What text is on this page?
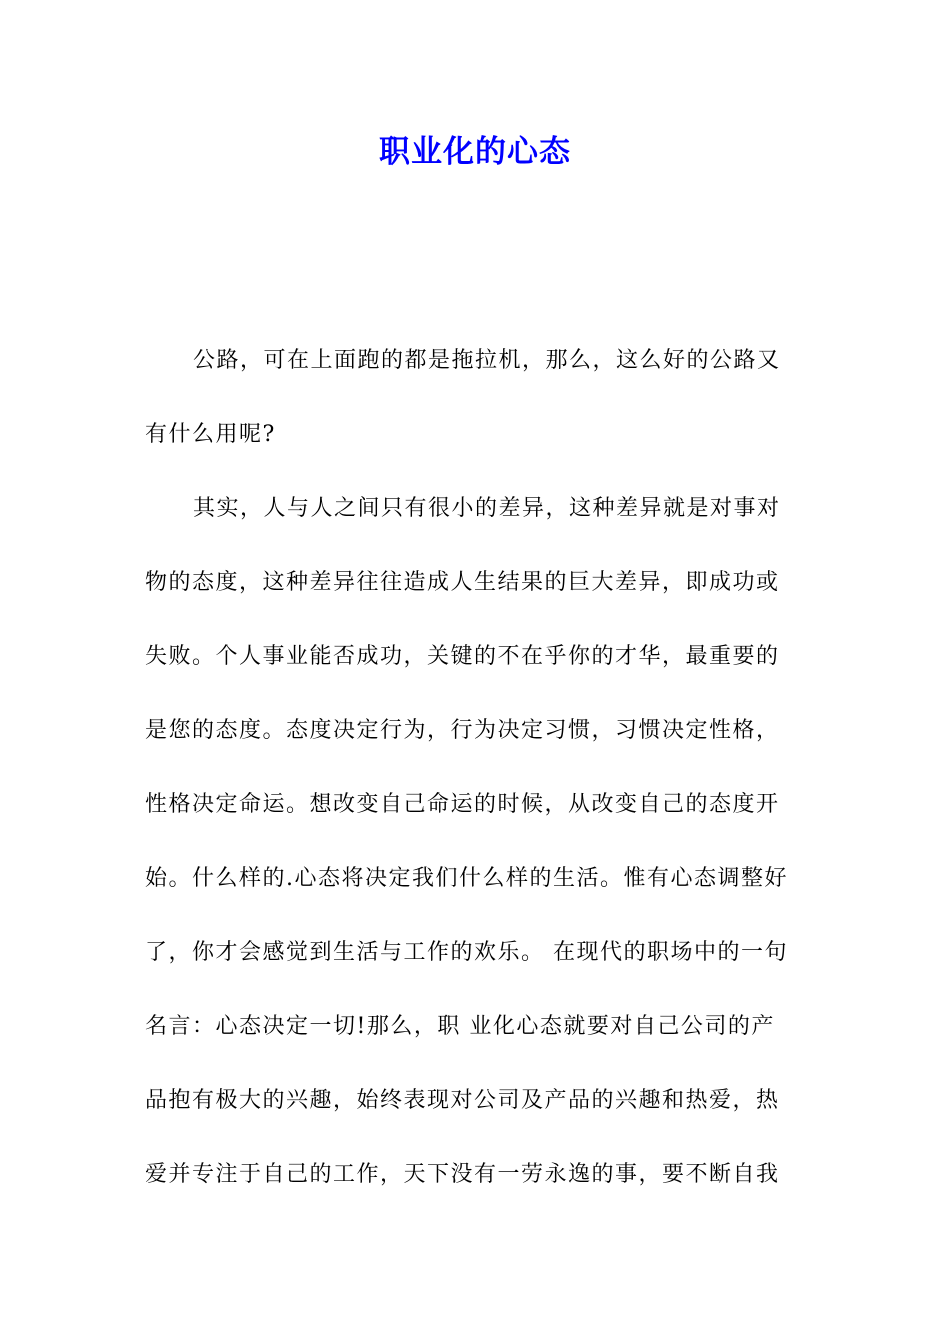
职业化的心态
公路，可在上面跑的都是拖拉机，那么，这么好的公路又
有什么用呢?
其实，人与人之间只有很小的差异，这种差异就是对事对
物的态度，这种差异往往造成人生结果的巨大差异，即成功或
失败。个人事业能否成功，关键的不在乎你的才华，最重要的
是您的态度。态度决定行为，行为决定习惯，习惯决定性格，
性格决定命运。想改变自己命运的时候，从改变自己的态度开
始。什么样的.心态将决定我们什么样的生活。惟有心态调整好
了，你才会感觉到生活与工作的欢乐。 在现代的职场中的一句
名言：心态决定一切!那么，职 业化心态就要对自己公司的产
品抱有极大的兴趣，始终表现对公司及产品的兴趣和热爱，热
爱并专注于自己的工作，天下没有一劳永逸的事，要不断自我
